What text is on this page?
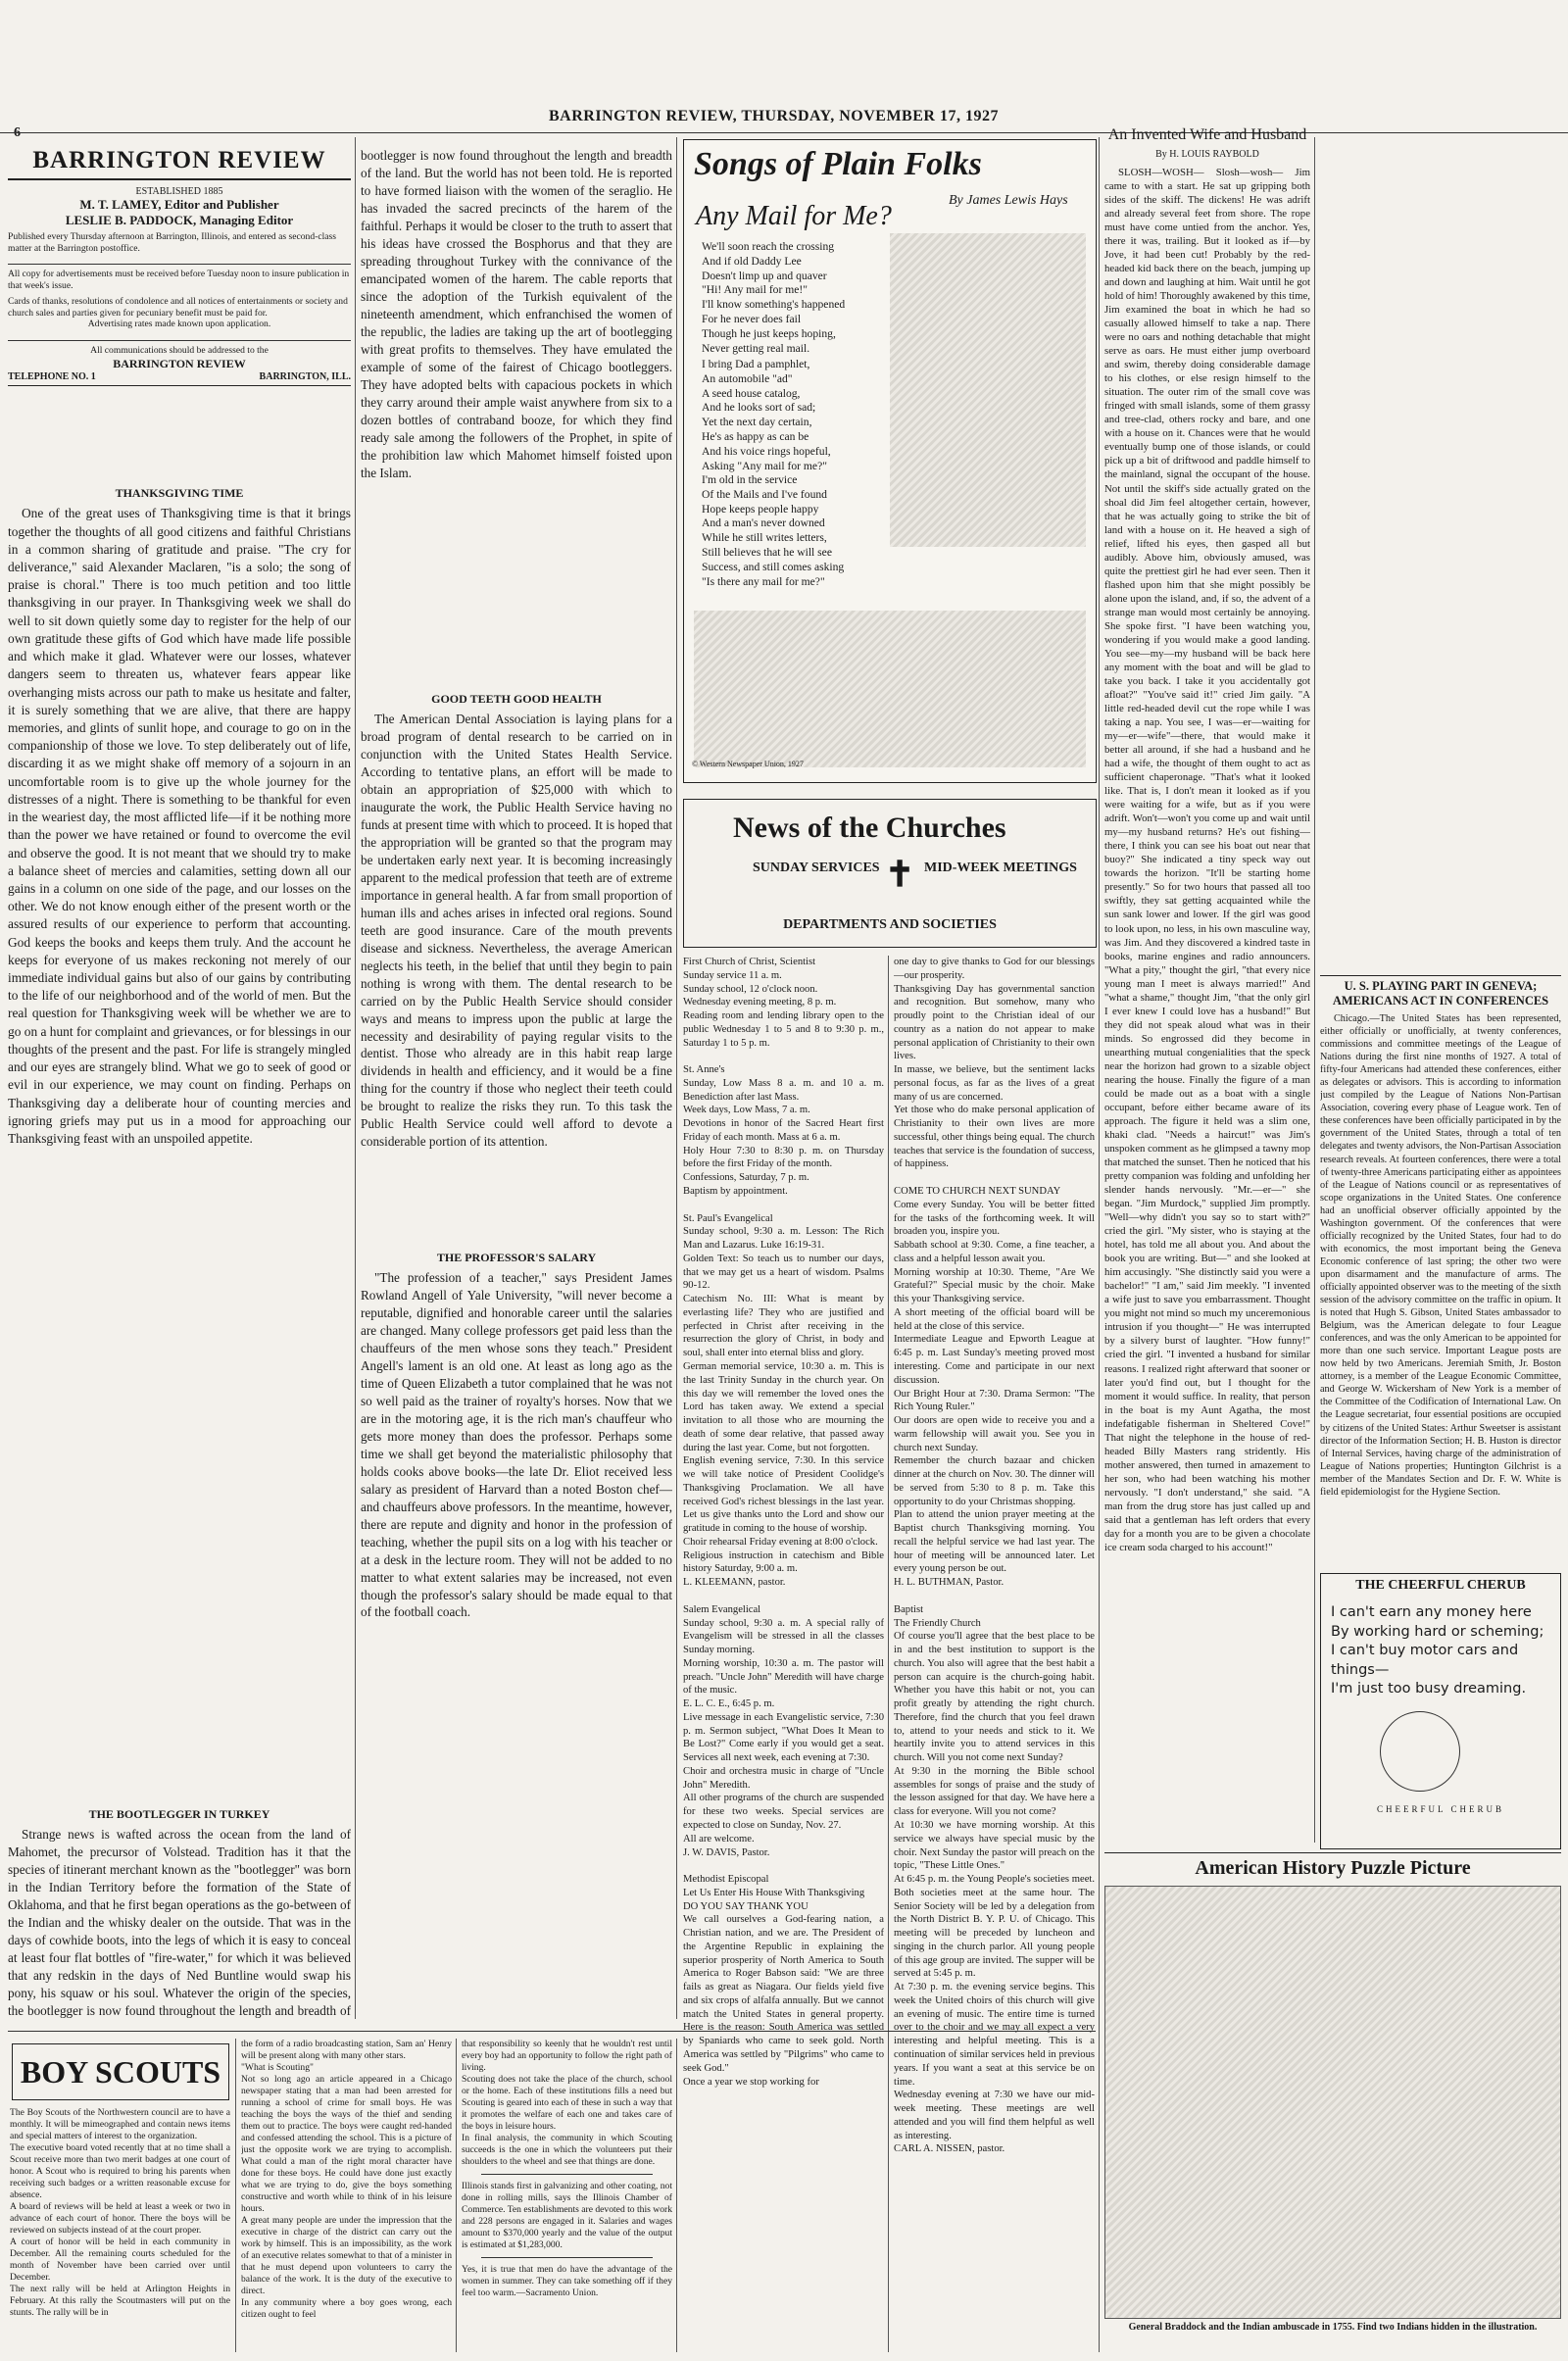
BARRINGTON REVIEW, THURSDAY, NOVEMBER 17, 1927
6
BARRINGTON REVIEW
ESTABLISHED 1885
M. T. LAMEY, Editor and Publisher
LESLIE B. PADDOCK, Managing Editor
Published every Thursday afternoon at Barrington, Illinois, and entered as second-class matter at the Barrington postoffice.
All copy for advertisements must be received before Tuesday noon to insure publication in that week's issue.
Cards of thanks, resolutions of condolence and all notices of entertainments or society and church sales and parties given for pecuniary benefit must be paid for.
Advertising rates made known upon application.
All communications should be addressed to the
BARRINGTON REVIEW
TELEPHONE NO. 1	BARRINGTON, ILL.

THANKSGIVING TIME

One of the great uses of Thanksgiving time is that it brings together the thoughts of all good citizens and faithful Christians in a common sharing of gratitude and praise. "The cry for deliverance," said Alexander Maclaren, "is a solo; the song of praise is choral." There is too much petition and too little thanksgiving in our prayer. In Thanksgiving week we shall do well to sit down quietly some day to register for the help of our own gratitude these gifts of God which have made life possible and which make it glad. Whatever were our losses, whatever dangers seem to threaten us, whatever fears appear like overhanging mists across our path to make us hesitate and falter, it is surely something that we are alive, that there are happy memories, and glints of sunlit hope, and courage to go on in the companionship of those we love. To step deliberately out of life, discarding it as we might shake off memory of a sojourn in an uncomfortable room is to give up the whole journey for the distresses of a night. There is something to be thankful for even in the weariest day, the most afflicted life—if it be nothing more than the power we have retained or found to overcome the evil and observe the good. It is not meant that we should try to make a balance sheet of mercies and calamities, setting down all our gains in a column on one side of the page, and our losses on the other. We do not know enough either of the present worth or the assured results of our experience to perform that accounting. God keeps the books and keeps them truly. And the account he keeps for everyone of us makes reckoning not merely of our immediate individual gains but also of our gains by contributing to the life of our neighborhood and of the world of men. But the real question for Thanksgiving week will be whether we are to go on a hunt for complaint and grievances, or for blessings in our thoughts of the present and the past. For life is strangely mingled and our eyes are strangely blind. What we go to seek of good or evil in our experience, we may count on finding. Perhaps on Thanksgiving day a deliberate hour of counting mercies and ignoring griefs may put us in a mood for approaching our Thanksgiving feast with an unspoiled appetite.

THE BOOTLEGGER IN TURKEY

Strange news is wafted across the ocean from the land of Mahomet, the precursor of Volstead. Tradition has it that the species of itinerant merchant known as the "bootlegger" was born in the Indian Territory before the formation of the State of Oklahoma, and that he first began operations as the go-between of the Indian and the whisky dealer on the outside. That was in the days of cowhide boots, into the legs of which it is easy to conceal at least four flat bottles of "fire-water," for which it was believed that any redskin in the days of Ned Buntline would swap his pony, his squaw or his soul. Whatever the origin of the species, the bootlegger is now found throughout the length and breadth of

bootlegger is now found throughout the length and breadth of the land. But the world has not been told. He is reported to have formed liaison with the women of the seraglio. He has invaded the sacred precincts of the harem of the faithful. Perhaps it would be closer to the truth to assert that his ideas have crossed the Bosphorus and that they are spreading throughout Turkey with the connivance of the emancipated women of the harem. The cable reports that since the adoption of the Turkish equivalent of the nineteenth amendment, which enfranchised the women of the republic, the ladies are taking up the art of bootlegging with great profits to themselves. They have emulated the example of some of the fairest of Chicago bootleggers. They have adopted belts with capacious pockets in which they carry around their ample waist anywhere from six to a dozen bottles of contraband booze, for which they find ready sale among the followers of the Prophet, in spite of the prohibition law which Mahomet himself foisted upon the Islam.

GOOD TEETH GOOD HEALTH

The American Dental Association is laying plans for a broad program of dental research to be carried on in conjunction with the United States Health Service. According to tentative plans, an effort will be made to obtain an appropriation of $25,000 with which to inaugurate the work, the Public Health Service having no funds at present time with which to proceed. It is hoped that the appropriation will be granted so that the program may be undertaken early next year. It is becoming increasingly apparent to the medical profession that teeth are of extreme importance in general health. A far from small proportion of human ills and aches arises in infected oral regions. Sound teeth are good insurance. Care of the mouth prevents disease and sickness. Nevertheless, the average American neglects his teeth, in the belief that until they begin to pain nothing is wrong with them. The dental research to be carried on by the Public Health Service should consider ways and means to impress upon the public at large the necessity and desirability of paying regular visits to the dentist. Those who already are in this habit reap large dividends in health and efficiency, and it would be a fine thing for the country if those who neglect their teeth could be brought to realize the risks they run. To this task the Public Health Service could well afford to devote a considerable portion of its attention.

THE PROFESSOR'S SALARY

"The profession of a teacher," says President James Rowland Angell of Yale University, "will never become a reputable, dignified and honorable career until the salaries are changed. Many college professors get paid less than the chauffeurs of the men whose sons they teach." President Angell's lament is an old one. At least as long ago as the time of Queen Elizabeth a tutor complained that he was not so well paid as the trainer of royalty's horses. Now that we are in the motoring age, it is the rich man's chauffeur who gets more money than does the professor. Perhaps some time we shall get beyond the materialistic philosophy that holds cooks above books—the late Dr. Eliot received less salary as president of Harvard than a noted Boston chef—and chauffeurs above professors. In the meantime, however, there are repute and dignity and honor in the profession of teaching, whether the pupil sits on a log with his teacher or at a desk in the lecture room. They will not be added to no matter to what extent salaries may be increased, not even though the professor's salary should be made equal to that of the football coach.

Songs of Plain Folks
By James Lewis Hays
Any Mail for Me?
We'll soon reach the crossing
And if old Daddy Lee
Doesn't limp up and quaver
"Hi! Any mail for me!"
I'll know something's happened
For he never does fail
Though he just keeps hoping,
Never getting real mail.
I bring Dad a pamphlet,
An automobile "ad"
A seed house catalog,
And he looks sort of sad;
Yet the next day certain,
He's as happy as can be
And his voice rings hopeful,
Asking "Any mail for me?"
I'm old in the service
Of the Mails and I've found
Hope keeps people happy
And a man's never downed
While he still writes letters,
Still believes that he will see
Success, and still comes asking
"Is there any mail for me?"
© Western Newspaper Union, 1927
News of the Churches
✝
SUNDAY SERVICES	MID-WEEK MEETINGS
DEPARTMENTS AND SOCIETIES
First Church of Christ, Scientist
Sunday service 11 a. m.
Sunday school, 12 o'clock noon.
Wednesday evening meeting, 8 p. m.
Reading room and lending library open to the public Wednesday 1 to 5 and 8 to 9:30 p. m., Saturday 1 to 5 p. m.

St. Anne's
Sunday, Low Mass 8 a. m. and 10 a. m. Benediction after last Mass.
Week days, Low Mass, 7 a. m.
Devotions in honor of the Sacred Heart first Friday of each month. Mass at 6 a. m.
Holy Hour 7:30 to 8:30 p. m. on Thursday before the first Friday of the month.
Confessions, Saturday, 7 p. m.
Baptism by appointment.

St. Paul's Evangelical
Sunday school, 9:30 a. m. Lesson: The Rich Man and Lazarus. Luke 16:19-31.
Golden Text: So teach us to number our days, that we may get us a heart of wisdom. Psalms 90-12.
Catechism No. III: What is meant by everlasting life? They who are justified and perfected in Christ after receiving in the resurrection the glory of Christ, in body and soul, shall enter into eternal bliss and glory.
German memorial service, 10:30 a. m. This is the last Trinity Sunday in the church year. On this day we will remember the loved ones the Lord has taken away. We extend a special invitation to all those who are mourning the death of some dear relative, that passed away during the last year. Come, but not forgotten.
English evening service, 7:30. In this service we will take notice of President Coolidge's Thanksgiving Proclamation. We all have received God's richest blessings in the last year. Let us give thanks unto the Lord and show our gratitude in coming to the house of worship.
Choir rehearsal Friday evening at 8:00 o'clock.
Religious instruction in catechism and Bible history Saturday, 9:00 a. m.
L. KLEEMANN, pastor.

Salem Evangelical
Sunday school, 9:30 a. m. A special rally of Evangelism will be stressed in all the classes Sunday morning.
Morning worship, 10:30 a. m. The pastor will preach. "Uncle John" Meredith will have charge of the music.
E. L. C. E., 6:45 p. m.
Live message in each Evangelistic service, 7:30 p. m. Sermon subject, "What Does It Mean to Be Lost?" Come early if you would get a seat. Services all next week, each evening at 7:30.
Choir and orchestra music in charge of "Uncle John" Meredith.
All other programs of the church are suspended for these two weeks. Special services are expected to close on Sunday, Nov. 27.
All are welcome.
J. W. DAVIS, Pastor.

Methodist Episcopal
Let Us Enter His House With Thanksgiving
DO YOU SAY THANK YOU
We call ourselves a God-fearing nation, a Christian nation, and we are. The President of the Argentine Republic in explaining the superior prosperity of North America to South America to Roger Babson said: "We are three fails as great as Niagara. Our fields yield five and six crops of alfalfa annually. But we cannot match the United States in general property. Here is the reason: South America was settled by Spaniards who came to seek gold. North America was settled by "Pilgrims" who came to seek God."
Once a year we stop working for
one day to give thanks to God for our blessings—our prosperity.
Thanksgiving Day has governmental sanction and recognition. But somehow, many who proudly point to the Christian ideal of our country as a nation do not appear to make personal application of Christianity to their own lives.
In masse, we believe, but the sentiment lacks personal focus, as far as the lives of a great many of us are concerned.
Yet those who do make personal application of Christianity to their own lives are more successful, other things being equal. The church teaches that service is the foundation of success, of happiness.

COME TO CHURCH NEXT SUNDAY
Come every Sunday. You will be better fitted for the tasks of the forthcoming week. It will broaden you, inspire you.
Sabbath school at 9:30. Come, a fine teacher, a class and a helpful lesson await you.
Morning worship at 10:30. Theme, "Are We Grateful?" Special music by the choir. Make this your Thanksgiving service.
A short meeting of the official board will be held at the close of this service.
Intermediate League and Epworth League at 6:45 p. m. Last Sunday's meeting proved most interesting. Come and participate in our next discussion.
Our Bright Hour at 7:30. Drama Sermon: "The Rich Young Ruler."
Our doors are open wide to receive you and a warm fellowship will await you. See you in church next Sunday.
Remember the church bazaar and chicken dinner at the church on Nov. 30. The dinner will be served from 5:30 to 8 p. m. Take this opportunity to do your Christmas shopping.
Plan to attend the union prayer meeting at the Baptist church Thanksgiving morning. You recall the helpful service we had last year. The hour of meeting will be announced later. Let every young person be out.
H. L. BUTHMAN, Pastor.

Baptist
The Friendly Church
Of course you'll agree that the best place to be in and the best institution to support is the church. You also will agree that the best habit a person can acquire is the church-going habit. Whether you have this habit or not, you can profit greatly by attending the right church. Therefore, find the church that you feel drawn to, attend to your needs and stick to it. We heartily invite you to attend services in this church. Will you not come next Sunday?
At 9:30 in the morning the Bible school assembles for songs of praise and the study of the lesson assigned for that day. We have here a class for everyone. Will you not come?
At 10:30 we have morning worship. At this service we always have special music by the choir. Next Sunday the pastor will preach on the topic, "These Little Ones."
At 6:45 p. m. the Young People's societies meet. Both societies meet at the same hour. The Senior Society will be led by a delegation from the North District B. Y. P. U. of Chicago. This meeting will be preceded by luncheon and singing in the church parlor. All young people of this age group are invited. The supper will be served at 5:45 p. m.
At 7:30 p. m. the evening service begins. This week the United choirs of this church will give an evening of music. The entire time is turned over to the choir and we may all expect a very interesting and helpful meeting. This is a continuation of similar services held in previous years. If you want a seat at this service be on time.
Wednesday evening at 7:30 we have our mid-week meeting. These meetings are well attended and you will find them helpful as well as interesting.
CARL A. NISSEN, pastor.
An Invented Wife and Husband
By H. LOUIS RAYBOLD

SLOSH—WOSH— Slosh—wosh— Jim came to with a start. He sat up gripping both sides of the skiff. The dickens! He was adrift and already several feet from shore. The rope must have come untied from the anchor. Yes, there it was, trailing. But it looked as if—by Jove, it had been cut! Probably by the red-headed kid back there on the beach, jumping up and down and laughing at him. Wait until he got hold of him! Thoroughly awakened by this time, Jim examined the boat in which he had so casually allowed himself to take a nap. There were no oars and nothing detachable that might serve as oars. He must either jump overboard and swim, thereby doing considerable damage to his clothes, or else resign himself to the situation. The outer rim of the small cove was fringed with small islands, some of them grassy and tree-clad, others rocky and bare, and one with a house on it. Chances were that he would eventually bump one of those islands, or could pick up a bit of driftwood and paddle himself to the mainland, signal the occupant of the house. Not until the skiff's side actually grated on the shoal did Jim feel altogether certain, however, that he was actually going to strike the bit of land with a house on it. He heaved a sigh of relief, lifted his eyes, then gasped all but audibly. Above him, obviously amused, was quite the prettiest girl he had ever seen. Then it flashed upon him that she might possibly be alone upon the island, and, if so, the advent of a strange man would most certainly be annoying. She spoke first. "I have been watching you, wondering if you would make a good landing. You see—my—my husband will be back here any moment with the boat and will be glad to take you back. I take it you accidentally got afloat?" "You've said it!" cried Jim gaily. "A little red-headed devil cut the rope while I was taking a nap. You see, I was—er—waiting for my—er—wife"—there, that would make it better all around, if she had a husband and he had a wife, the thought of them ought to act as sufficient chaperonage. "That's what it looked like. That is, I don't mean it looked as if you were waiting for a wife, but as if you were adrift. Won't—won't you come up and wait until my—my husband returns? He's out fishing—there, I think you can see his boat out near that buoy?" She indicated a tiny speck way out towards the horizon. "It'll be starting home presently." So for two hours that passed all too swiftly, they sat getting acquainted while the sun sank lower and lower. If the girl was good to look upon, no less, in his own masculine way, was Jim. And they discovered a kindred taste in books, marine engines and radio announcers. "What a pity," thought the girl, "that every nice young man I meet is always married!" And "what a shame," thought Jim, "that the only girl I ever knew I could love has a husband!" But they did not speak aloud what was in their minds. So engrossed did they become in unearthing mutual congenialities that the speck near the horizon had grown to a sizable object nearing the house. Finally the figure of a man could be made out as a boat with a single occupant, before either became aware of its approach. The figure it held was a slim one, khaki clad. "Needs a haircut!" was Jim's unspoken comment as he glimpsed a tawny mop that matched the sunset. Then he noticed that his pretty companion was folding and unfolding her slender hands nervously. "Mr.—er—" she began. "Jim Murdock," supplied Jim promptly. "Well—why didn't you say so to start with?" cried the girl. "My sister, who is staying at the hotel, has told me all about you. And about the book you are writing. But—" and she looked at him accusingly. "She distinctly said you were a bachelor!" "I am," said Jim meekly. "I invented a wife just to save you embarrassment. Thought you might not mind so much my unceremonious intrusion if you thought—" He was interrupted by a silvery burst of laughter. "How funny!" cried the girl. "I invented a husband for similar reasons. I realized right afterward that sooner or later you'd find out, but I thought for the moment it would suffice. In reality, that person in the boat is my Aunt Agatha, the most indefatigable fisherman in Sheltered Cove!" That night the telephone in the house of red-headed Billy Masters rang stridently. His mother answered, then turned in amazement to her son, who had been watching his mother nervously. "I don't understand," she said. "A man from the drug store has just called up and said that a gentleman has left orders that every day for a month you are to be given a chocolate ice cream soda charged to his account!"

U. S. PLAYING PART IN GENEVA; AMERICANS ACT IN CONFERENCES

Chicago.—The United States has been represented, either officially or unofficially, at twenty conferences, commissions and committee meetings of the League of Nations during the first nine months of 1927. A total of fifty-four Americans had attended these conferences, either as delegates or advisors. This is according to information just compiled by the League of Nations Non-Partisan Association, covering every phase of League work. Ten of these conferences have been officially participated in by the government of the United States, through a total of ten delegates and twenty advisors, the Non-Partisan Association research reveals. At fourteen conferences, there were a total of twenty-three Americans participating either as appointees of the League of Nations council or as representatives of scope organizations in the United States. One conference had an unofficial observer officially appointed by the Washington government. Of the conferences that were officially recognized by the United States, four had to do with economics, the most important being the Geneva Economic conference of last spring; the other two were upon disarmament and the manufacture of arms. The officially appointed observer was to the meeting of the sixth session of the advisory committee on the traffic in opium. It is noted that Hugh S. Gibson, United States ambassador to Belgium, was the American delegate to four League conferences, and was the only American to be appointed for more than one such service. Important League posts are now held by two Americans. Jeremiah Smith, Jr. Boston attorney, is a member of the League Economic Committee, and George W. Wickersham of New York is a member of the Committee of the Codification of International Law. On the League secretariat, four essential positions are occupied by citizens of the United States: Arthur Sweetser is assistant director of the Information Section; H. B. Huston is director of Internal Services, having charge of the administration of League of Nations properties; Huntington Gilchrist is a member of the Mandates Section and Dr. F. W. White is field epidemiologist for the Hygiene Section.

THE CHEERFUL CHERUB
I can't earn any money here
By working hard or scheming;
I can't buy motor cars and things—
I'm just too busy dreaming.
CHEERFUL CHERUB
American History Puzzle Picture
General Braddock and the Indian ambuscade in 1755. Find two Indians hidden in the illustration.
BOY SCOUTS
The Boy Scouts of the Northwestern council are to have a monthly. It will be mimeographed and contain news items and special matters of interest to the organization.
The executive board voted recently that at no time shall a Scout receive more than two merit badges at one court of honor. A Scout who is required to bring his parents when receiving such badges or a written reasonable excuse for absence.
A board of reviews will be held at least a week or two in advance of each court of honor. There the boys will be reviewed on subjects instead of at the court proper.
A court of honor will be held in each community in December. All the remaining courts scheduled for the month of November have been carried over until December.
The next rally will be held at Arlington Heights in February. At this rally the Scoutmasters will put on the stunts. The rally will be in
the form of a radio broadcasting station, Sam an' Henry will be present along with many other stars.
"What is Scouting"
Not so long ago an article appeared in a Chicago newspaper stating that a man had been arrested for running a school of crime for small boys. He was teaching the boys the ways of the thief and sending them out to practice. The boys were caught red-handed and confessed attending the school. This is a picture of just the opposite work we are trying to accomplish. What could a man of the right moral character have done for these boys. He could have done just exactly what we are trying to do, give the boys something constructive and worth while to think of in his leisure hours.
A great many people are under the impression that the executive in charge of the district can carry out the work by himself. This is an impossibility, as the work of an executive relates somewhat to that of a minister in that he must depend upon volunteers to carry the balance of the work. It is the duty of the executive to direct.
In any community where a boy goes wrong, each citizen ought to feel
that responsibility so keenly that he wouldn't rest until every boy had an opportunity to follow the right path of living.
Scouting does not take the place of the church, school or the home. Each of these institutions fills a need but Scouting is geared into each of these in such a way that it promotes the welfare of each one and takes care of the boys in leisure hours.
In final analysis, the community in which Scouting succeeds is the one in which the volunteers put their shoulders to the wheel and see that things are done.
Illinois stands first in galvanizing and other coating, not done in rolling mills, says the Illinois Chamber of Commerce. Ten establishments are devoted to this work and 228 persons are engaged in it. Salaries and wages amount to $370,000 yearly and the value of the output is estimated at $1,283,000.
Yes, it is true that men do have the advantage of the women in summer. They can take something off if they feel too warm.—Sacramento Union.
